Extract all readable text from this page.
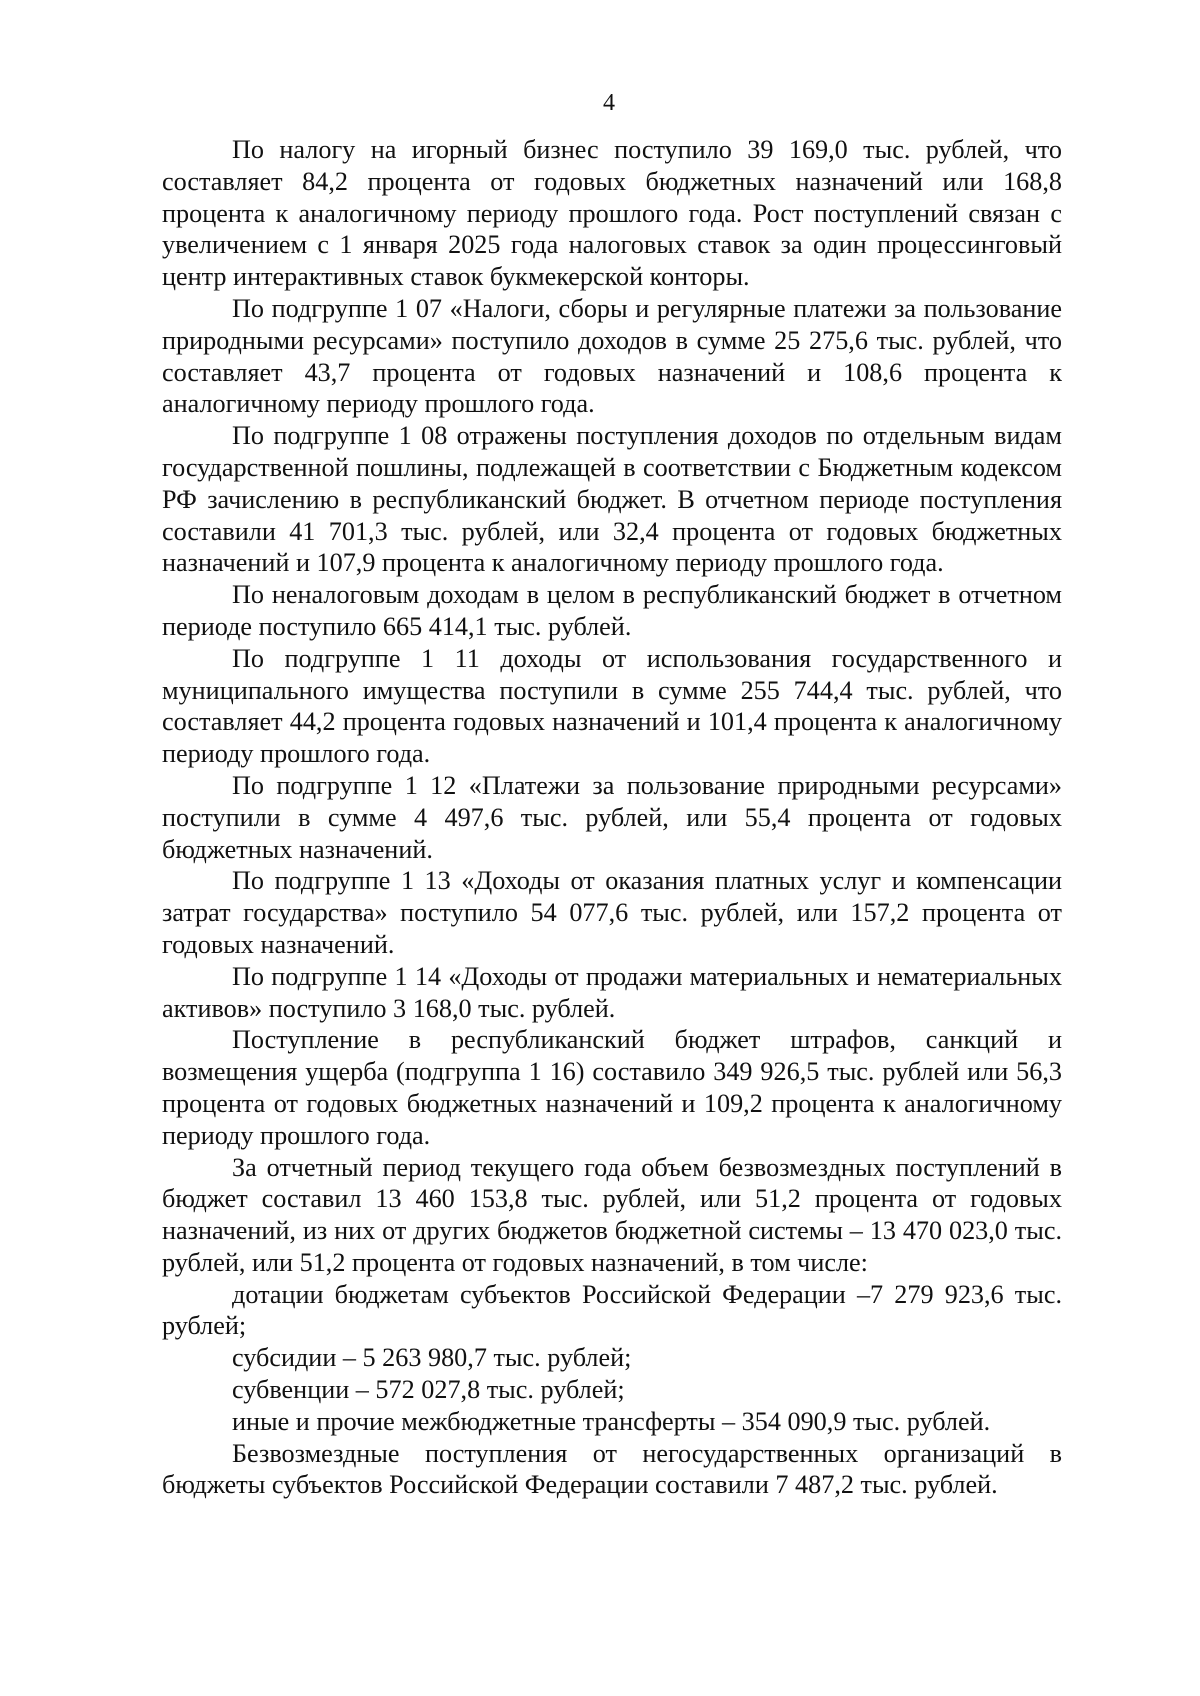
4

По налогу на игорный бизнес поступило 39 169,0 тыс. рублей, что составляет 84,2 процента от годовых бюджетных назначений или 168,8 процента к аналогичному периоду прошлого года. Рост поступлений связан с увеличением с 1 января 2025 года налоговых ставок за один процессинговый центр интерактивных ставок букмекерской конторы.

По подгруппе 1 07 «Налоги, сборы и регулярные платежи за пользование природными ресурсами» поступило доходов в сумме 25 275,6 тыс. рублей, что составляет 43,7 процента от годовых назначений и 108,6 процента к аналогичному периоду прошлого года.

По подгруппе 1 08 отражены поступления доходов по отдельным видам государственной пошлины, подлежащей в соответствии с Бюджетным кодексом РФ зачислению в республиканский бюджет. В отчетном периоде поступления составили 41 701,3 тыс. рублей, или 32,4 процента от годовых бюджетных назначений и 107,9 процента к аналогичному периоду прошлого года.

По неналоговым доходам в целом в республиканский бюджет в отчетном периоде поступило 665 414,1 тыс. рублей.

По подгруппе 1 11 доходы от использования государственного и муниципального имущества поступили в сумме 255 744,4 тыс. рублей, что составляет 44,2 процента годовых назначений и 101,4 процента к аналогичному периоду прошлого года.

По подгруппе 1 12 «Платежи за пользование природными ресурсами» поступили в сумме 4 497,6 тыс. рублей, или 55,4 процента от годовых бюджетных назначений.

По подгруппе 1 13 «Доходы от оказания платных услуг и компенсации затрат государства» поступило 54 077,6 тыс. рублей, или 157,2 процента от годовых назначений.

По подгруппе 1 14 «Доходы от продажи материальных и нематериальных активов» поступило 3 168,0 тыс. рублей.

Поступление в республиканский бюджет штрафов, санкций и возмещения ущерба (подгруппа 1 16) составило 349 926,5 тыс. рублей или 56,3 процента от годовых бюджетных назначений и 109,2 процента к аналогичному периоду прошлого года.

За отчетный период текущего года объем безвозмездных поступлений в бюджет составил 13 460 153,8 тыс. рублей, или 51,2 процента от годовых назначений, из них от других бюджетов бюджетной системы – 13 470 023,0 тыс. рублей, или 51,2 процента от годовых назначений, в том числе:

дотации бюджетам субъектов Российской Федерации –7 279 923,6 тыс. рублей;

субсидии – 5 263 980,7 тыс. рублей;

субвенции – 572 027,8 тыс. рублей;

иные и прочие межбюджетные трансферты – 354 090,9 тыс. рублей.

Безвозмездные поступления от негосударственных организаций в бюджеты субъектов Российской Федерации составили 7 487,2 тыс. рублей.
